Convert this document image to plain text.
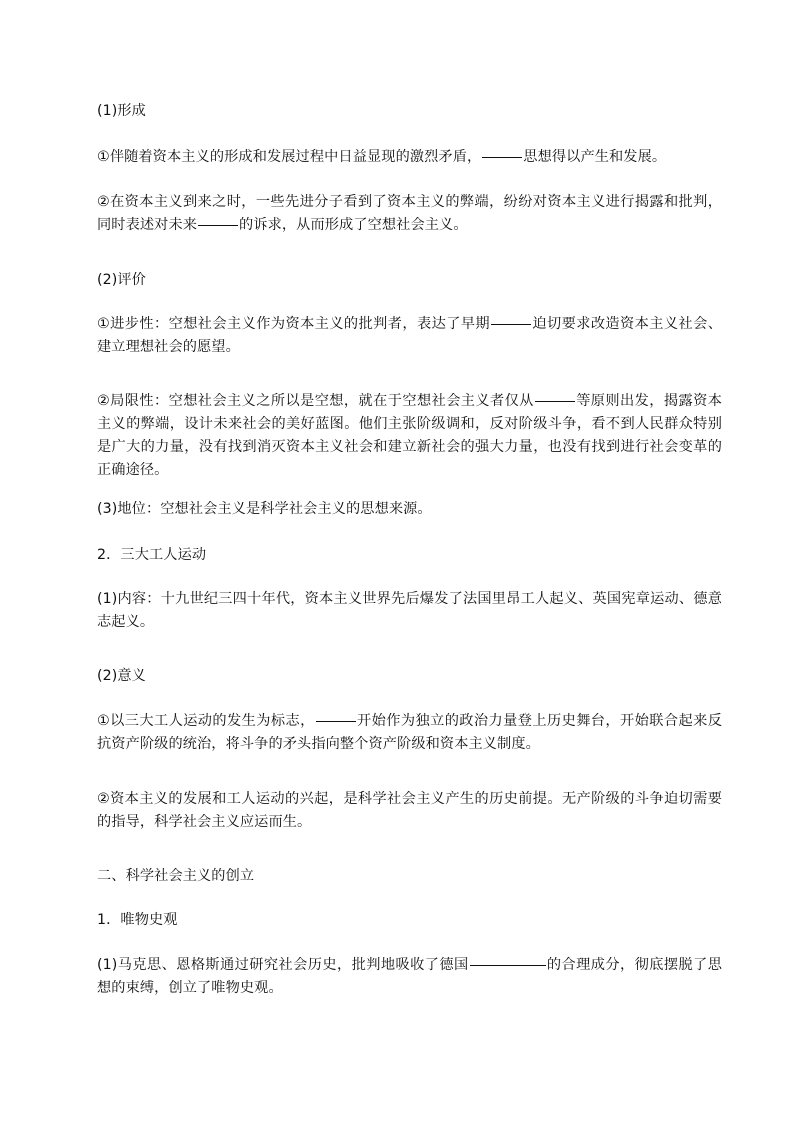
(1)形成

①伴随着资本主义的形成和发展过程中日益显现的激烈矛盾，	思想得以产生和发展。

②在资本主义到来之时，一些先进分子看到了资本主义的弊端，纷纷对资本主义进行揭露和批判，同时表述对未来	的诉求，从而形成了空想社会主义。

(2)评价

①进步性：空想社会主义作为资本主义的批判者，表达了早期	迫切要求改造资本主义社会、建立理想社会的愿望。

②局限性：空想社会主义之所以是空想，就在于空想社会主义者仅从	等原则出发，揭露资本主义的弊端，设计未来社会的美好蓝图。他们主张阶级调和，反对阶级斗争，看不到人民群众特别是广大的力量，没有找到消灭资本主义社会和建立新社会的强大力量，也没有找到进行社会变革的正确途径。

(3)地位：空想社会主义是科学社会主义的思想来源。

2．三大工人运动

(1)内容：十九世纪三四十年代，资本主义世界先后爆发了法国里昂工人起义、英国宪章运动、德意志起义。

(2)意义

①以三大工人运动的发生为标志，	开始作为独立的政治力量登上历史舞台，开始联合起来反抗资产阶级的统治，将斗争的矛头指向整个资产阶级和资本主义制度。

②资本主义的发展和工人运动的兴起，是科学社会主义产生的历史前提。无产阶级的斗争迫切需要的指导，科学社会主义应运而生。

二、科学社会主义的创立

1．唯物史观

(1)马克思、恩格斯通过研究社会历史，批判地吸收了德国	的合理成分，彻底摆脱了思想的束缚，创立了唯物史观。
